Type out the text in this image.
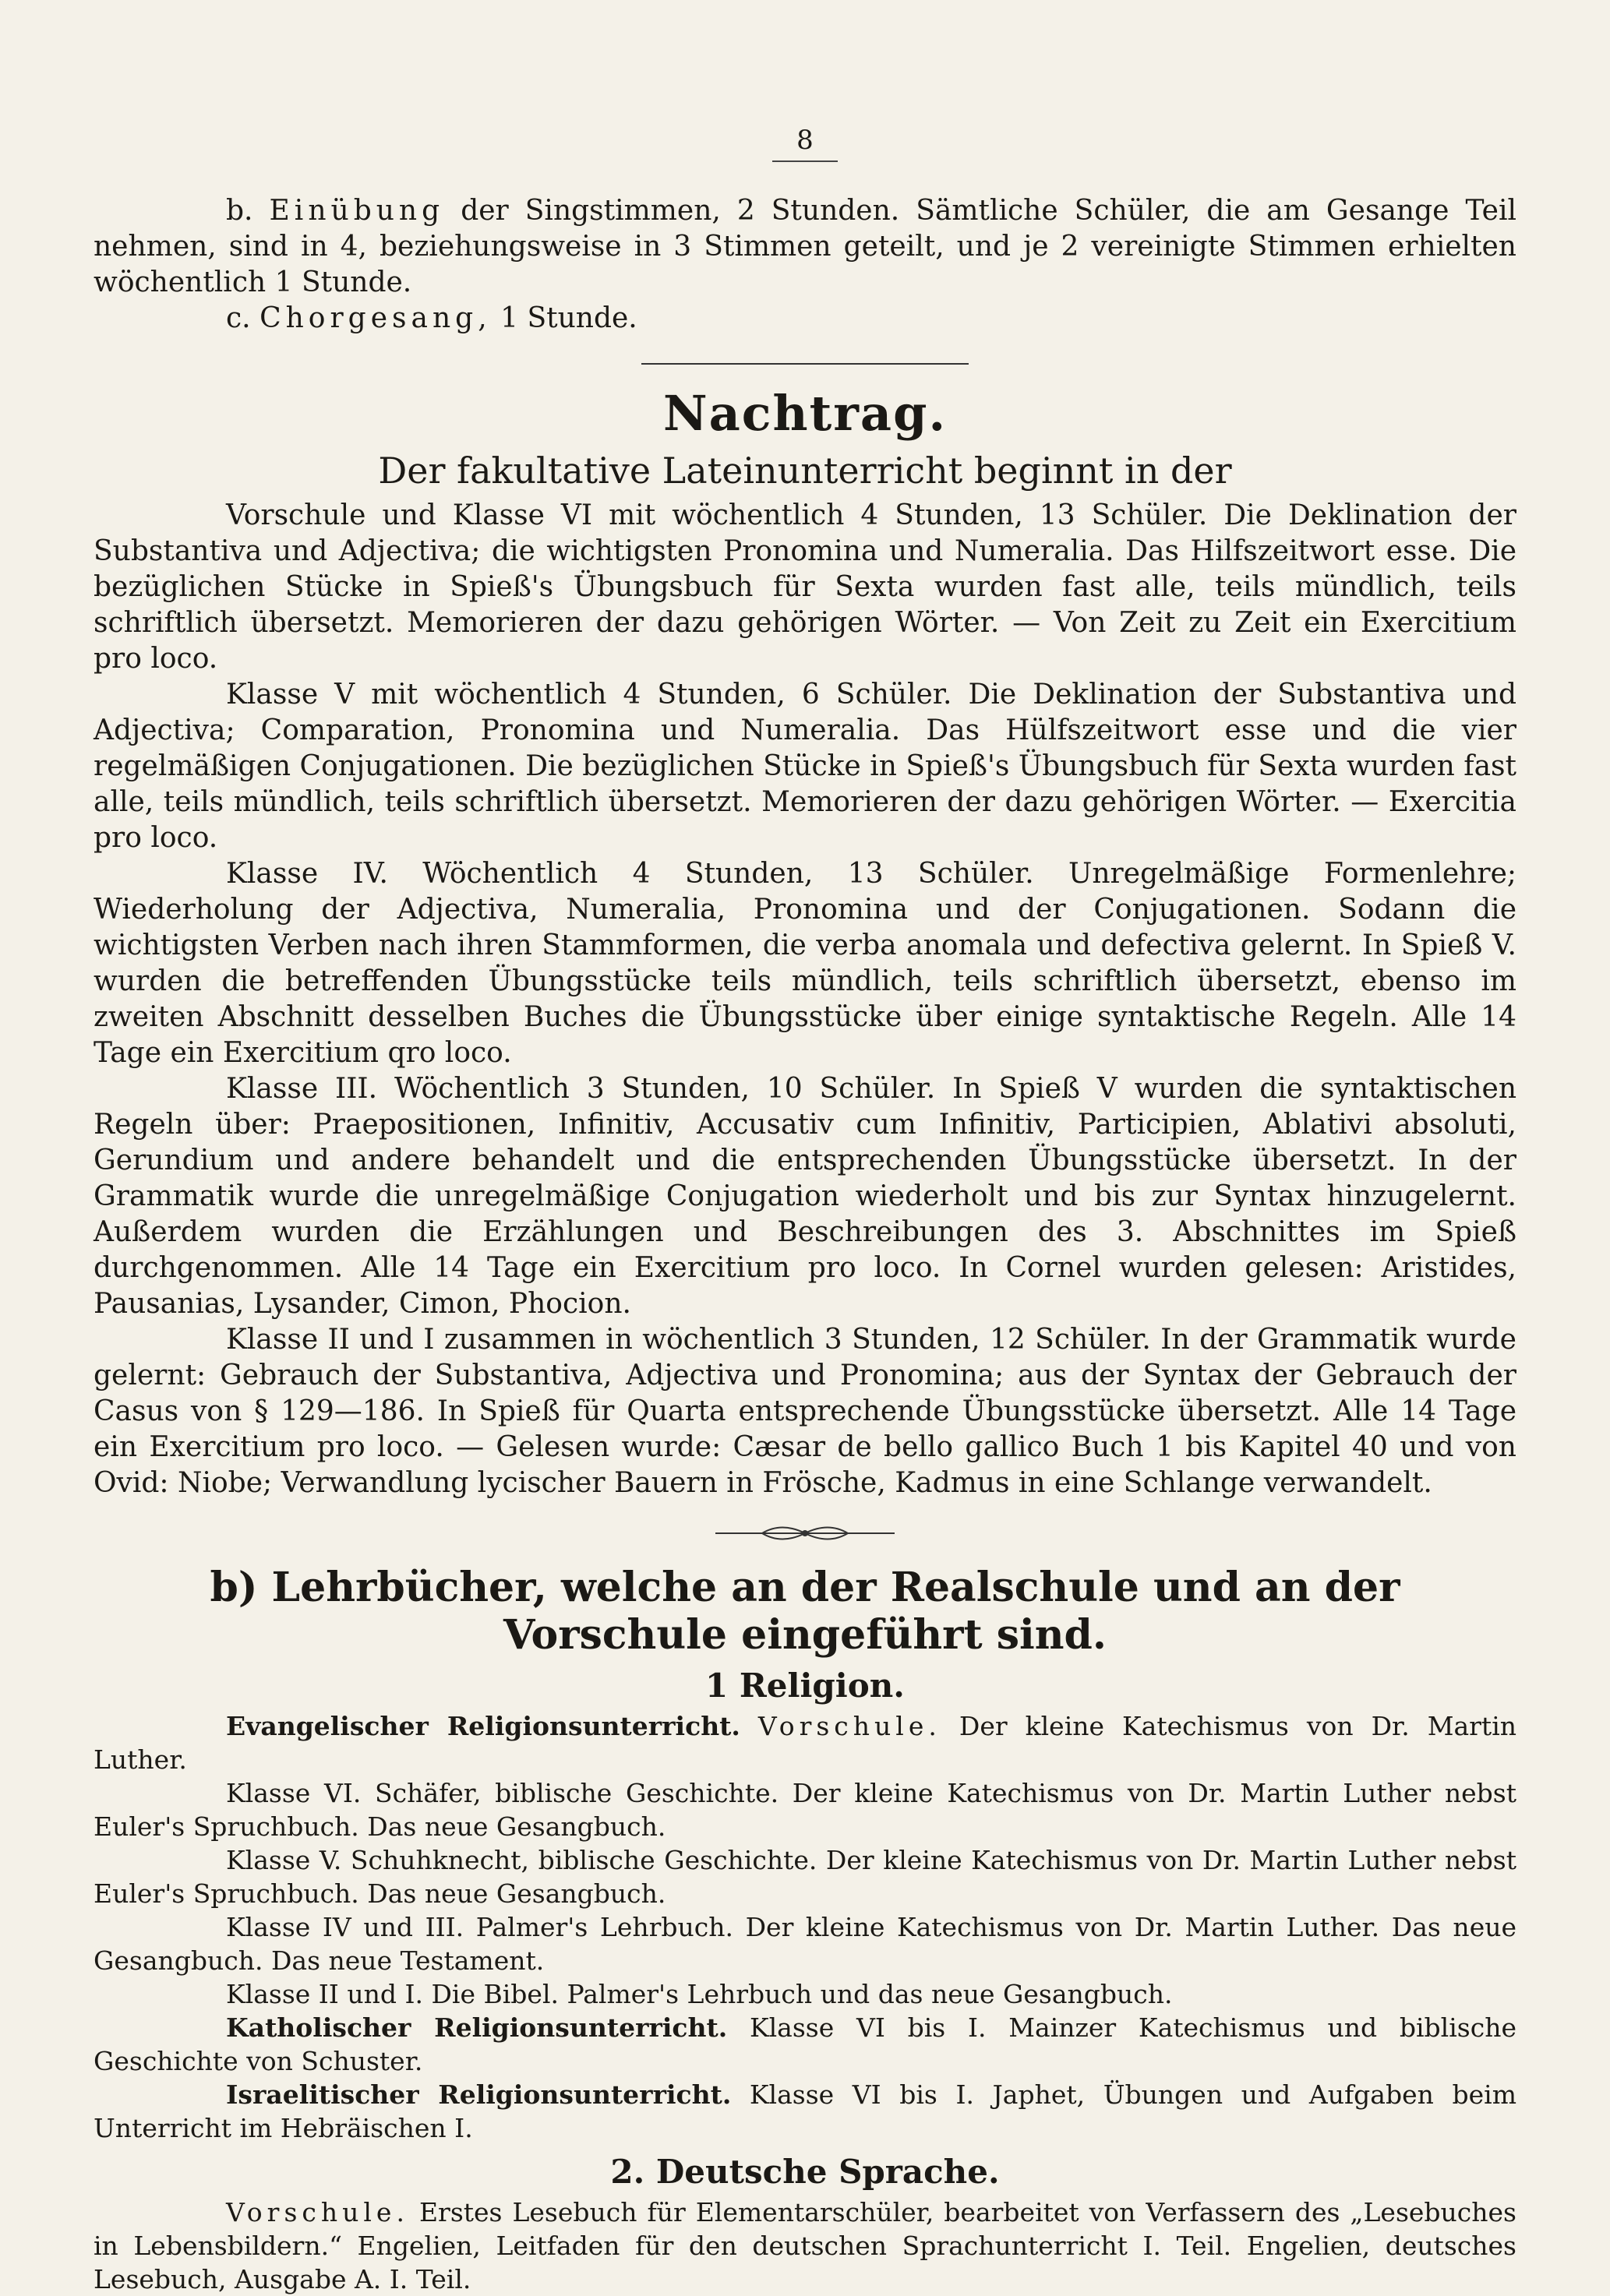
8

b. Einübung der Singstimmen, 2 Stunden. Sämtliche Schüler, die am Gesange Teil nehmen, sind in 4, beziehungsweise in 3 Stimmen geteilt, und je 2 vereinigte Stimmen erhielten wöchentlich 1 Stunde.

c. Chorgesang, 1 Stunde.

Nachtrag.
Der fakultative Lateinunterricht beginnt in der

Vorschule und Klasse VI mit wöchentlich 4 Stunden, 13 Schüler. Die Deklination der Substantiva und Adjectiva; die wichtigsten Pronomina und Numeralia. Das Hilfszeitwort esse. Die bezüglichen Stücke in Spieß's Übungsbuch für Sexta wurden fast alle, teils mündlich, teils schriftlich übersetzt. Memorieren der dazu gehörigen Wörter. — Von Zeit zu Zeit ein Exercitium pro loco.

Klasse V mit wöchentlich 4 Stunden, 6 Schüler. Die Deklination der Substantiva und Adjectiva; Comparation, Pronomina und Numeralia. Das Hülfszeitwort esse und die vier regelmäßigen Conjugationen. Die bezüglichen Stücke in Spieß's Übungsbuch für Sexta wurden fast alle, teils mündlich, teils schriftlich übersetzt. Memorieren der dazu gehörigen Wörter. — Exercitia pro loco.

Klasse IV. Wöchentlich 4 Stunden, 13 Schüler. Unregelmäßige Formenlehre; Wiederholung der Adjectiva, Numeralia, Pronomina und der Conjugationen. Sodann die wichtigsten Verben nach ihren Stammformen, die verba anomala und defectiva gelernt. In Spieß V. wurden die betreffenden Übungsstücke teils mündlich, teils schriftlich übersetzt, ebenso im zweiten Abschnitt desselben Buches die Übungsstücke über einige syntaktische Regeln. Alle 14 Tage ein Exercitium qro loco.

Klasse III. Wöchentlich 3 Stunden, 10 Schüler. In Spieß V wurden die syntaktischen Regeln über: Praepositionen, Infinitiv, Accusativ cum Infinitiv, Participien, Ablativi absoluti, Gerundium und andere behandelt und die entsprechenden Übungsstücke übersetzt. In der Grammatik wurde die unregelmäßige Conjugation wiederholt und bis zur Syntax hinzugelernt. Außerdem wurden die Erzählungen und Beschreibungen des 3. Abschnittes im Spieß durchgenommen. Alle 14 Tage ein Exercitium pro loco. In Cornel wurden gelesen: Aristides, Pausanias, Lysander, Cimon, Phocion.

Klasse II und I zusammen in wöchentlich 3 Stunden, 12 Schüler. In der Grammatik wurde gelernt: Gebrauch der Substantiva, Adjectiva und Pronomina; aus der Syntax der Gebrauch der Casus von § 129—186. In Spieß für Quarta entsprechende Übungsstücke übersetzt. Alle 14 Tage ein Exercitium pro loco. — Gelesen wurde: Cæsar de bello gallico Buch 1 bis Kapitel 40 und von Ovid: Niobe; Verwandlung lycischer Bauern in Frösche, Kadmus in eine Schlange verwandelt.

b) Lehrbücher, welche an der Realschule und an der Vorschule eingeführt sind.
1 Religion.

Evangelischer Religionsunterricht. Vorschule. Der kleine Katechismus von Dr. Martin Luther.

Klasse VI. Schäfer, biblische Geschichte. Der kleine Katechismus von Dr. Martin Luther nebst Euler's Spruchbuch. Das neue Gesangbuch.

Klasse V. Schuhknecht, biblische Geschichte. Der kleine Katechismus von Dr. Martin Luther nebst Euler's Spruchbuch. Das neue Gesangbuch.

Klasse IV und III. Palmer's Lehrbuch. Der kleine Katechismus von Dr. Martin Luther. Das neue Gesangbuch. Das neue Testament.

Klasse II und I. Die Bibel. Palmer's Lehrbuch und das neue Gesangbuch.

Katholischer Religionsunterricht. Klasse VI bis I. Mainzer Katechismus und biblische Geschichte von Schuster.

Israelitischer Religionsunterricht. Klasse VI bis I. Japhet, Übungen und Aufgaben beim Unterricht im Hebräischen I.

2. Deutsche Sprache.

Vorschule. Erstes Lesebuch für Elementarschüler, bearbeitet von Verfassern des „Lesebuches in Lebensbildern.“ Engelien, Leitfaden für den deutschen Sprachunterricht I. Teil. Engelien, deutsches Lesebuch, Ausgabe A. I. Teil.
